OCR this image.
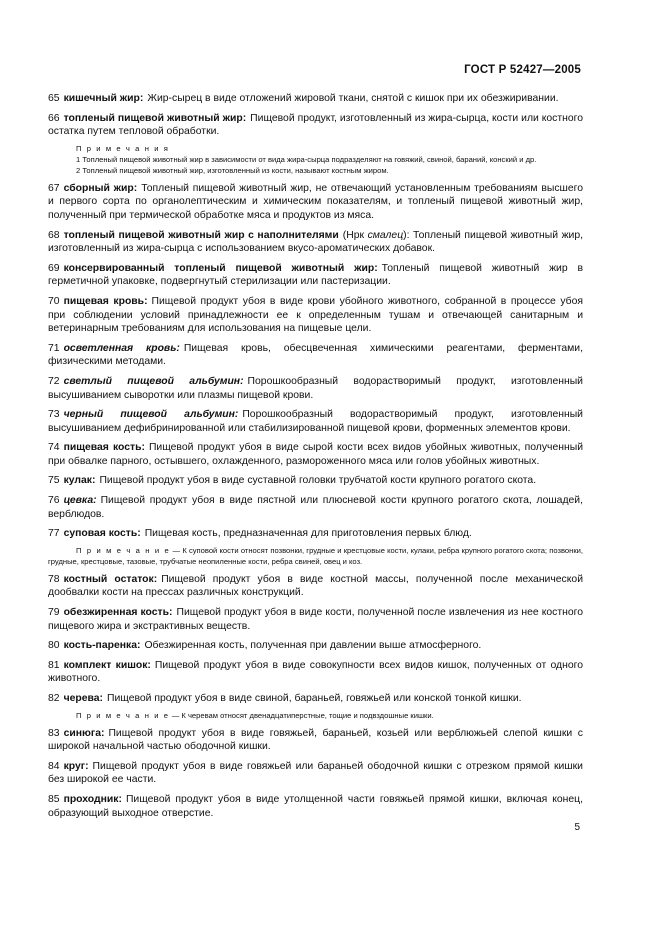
ГОСТ Р 52427—2005

65 кишечный жир: Жир-сырец в виде отложений жировой ткани, снятой с кишок при их обезжиривании.

66 топленый пищевой животный жир: Пищевой продукт, изготовленный из жира-сырца, кости или костного остатка путем тепловой обработки.

П р и м е ч а н и я

1 Топленый пищевой животный жир в зависимости от вида жира-сырца подразделяют на говяжий, свиной, бараний, конский и др.

2 Топленый пищевой животный жир, изготовленный из кости, называют костным жиром.

67 сборный жир: Топленый пищевой животный жир, не отвечающий установленным требованиям высшего и первого сорта по органолептическим и химическим показателям, и топленый пищевой животный жир, полученный при термической обработке мяса и продуктов из мяса.

68 топленый пищевой животный жир с наполнителями (Нрк смалец): Топленый пищевой животный жир, изготовленный из жира-сырца с использованием вкусо-ароматических добавок.

69 консервированный топленый пищевой животный жир: Топленый пищевой животный жир в герметичной упаковке, подвергнутый стерилизации или пастеризации.

70 пищевая кровь: Пищевой продукт убоя в виде крови убойного животного, собранной в процессе убоя при соблюдении условий принадлежности ее к определенным тушам и отвечающей санитарным и ветеринарным требованиям для использования на пищевые цели.

71 осветленная кровь: Пищевая кровь, обесцвеченная химическими реагентами, ферментами, физическими методами.

72 светлый пищевой альбумин: Порошкообразный водорастворимый продукт, изготовленный высушиванием сыворотки или плазмы пищевой крови.

73 черный пищевой альбумин: Порошкообразный водорастворимый продукт, изготовленный высушиванием дефибринированной или стабилизированной пищевой крови, форменных элементов крови.

74 пищевая кость: Пищевой продукт убоя в виде сырой кости всех видов убойных животных, полученный при обвалке парного, остывшего, охлажденного, размороженного мяса или голов убойных животных.

75 кулак: Пищевой продукт убоя в виде суставной головки трубчатой кости крупного рогатого скота.

76 цевка: Пищевой продукт убоя в виде пястной или плюсневой кости крупного рогатого скота, лошадей, верблюдов.

77 суповая кость: Пищевая кость, предназначенная для приготовления первых блюд.

П р и м е ч а н и е — К суповой кости относят позвонки, грудные и крестцовые кости, кулаки, ребра крупного рогатого скота; позвонки, грудные, крестцовые, тазовые, трубчатые неопиленные кости, ребра свиней, овец и коз.

78 костный остаток: Пищевой продукт убоя в виде костной массы, полученной после механической дообвалки кости на прессах различных конструкций.

79 обезжиренная кость: Пищевой продукт убоя в виде кости, полученной после извлечения из нее костного пищевого жира и экстрактивных веществ.

80 кость-паренка: Обезжиренная кость, полученная при давлении выше атмосферного.

81 комплект кишок: Пищевой продукт убоя в виде совокупности всех видов кишок, полученных от одного животного.

82 черева: Пищевой продукт убоя в виде свиной, бараньей, говяжьей или конской тонкой кишки.

П р и м е ч а н и е — К черевам относят двенадцатиперстные, тощие и подвздошные кишки.

83 синюга: Пищевой продукт убоя в виде говяжьей, бараньей, козьей или верблюжьей слепой кишки с широкой начальной частью ободочной кишки.

84 круг: Пищевой продукт убоя в виде говяжьей или бараньей ободочной кишки с отрезком прямой кишки без широкой ее части.

85 проходник: Пищевой продукт убоя в виде утолщенной части говяжьей прямой кишки, включая конец, образующий выходное отверстие.

5
